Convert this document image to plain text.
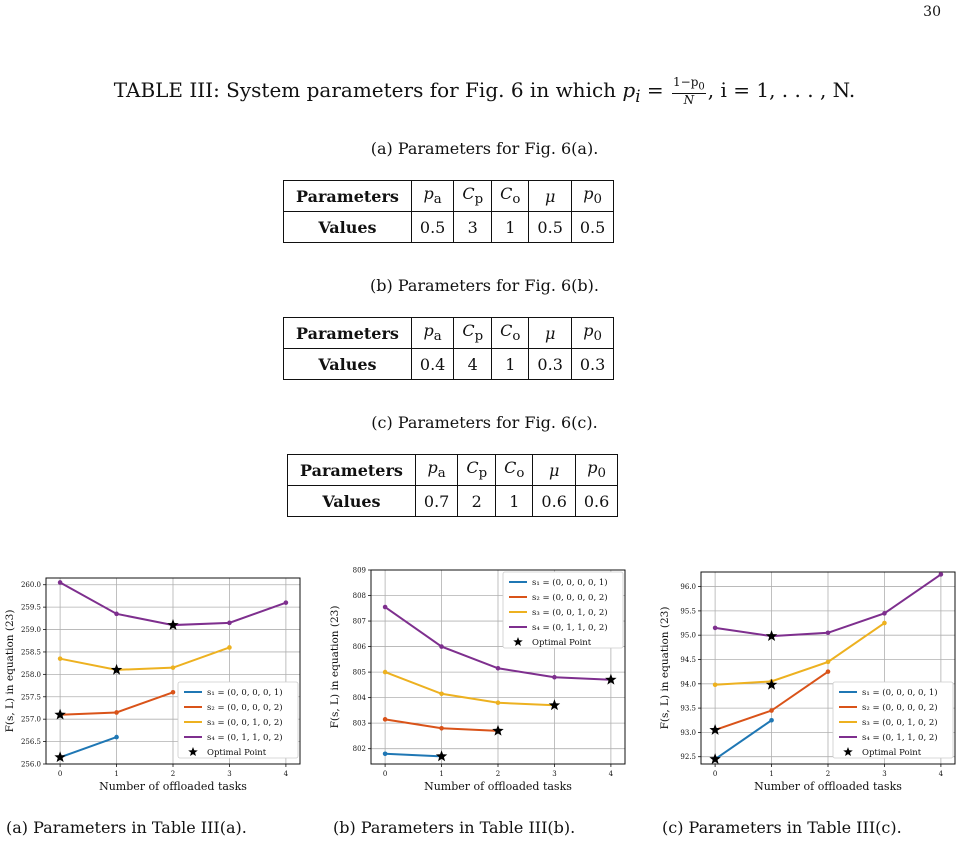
30
TABLE III: System parameters for Fig. 6 in which $p_i = \frac{1-p_0}{N}$ , i = 1, . . . , N.
(a) Parameters for Fig. 6(a).
Parameters	$p_a$	$C_p$	$C_o$	μ	$p_0$
Values	0.5	3	1	0.5	0.5
(b) Parameters for Fig. 6(b).
Parameters	$p_a$	$C_p$	$C_o$	μ	$p_0$
Values	0.4	4	1	0.3	0.3
(c) Parameters for Fig. 6(c).
Parameters	$p_a$	$C_p$	$C_o$	μ	$p_0$
Values	0.7	2	1	0.6	0.6
0	1	2	3	4
256.0
256.5
257.0
257.5
258.0
258.5
259.0
259.5
260.0
Number of offloaded tasks
F(s, L) in equation (23)	s₁ = (0, 0, 0, 0, 1)
s₂ = (0, 0, 0, 0, 2)
s₃ = (0, 0, 1, 0, 2)
s₄ = (0, 1, 1, 0, 2)
Optimal Point
0	1	2	3	4
802
803
804
805
806
807
808
809
Number of offloaded tasks
F(s, L) in equation (23)
s₁ = (0, 0, 0, 0, 1)
s₂ = (0, 0, 0, 0, 2)
s₃ = (0, 0, 1, 0, 2)
s₄ = (0, 1, 1, 0, 2)
Optimal Point
0	1	2	3	4
92.5
93.0
93.5
94.0
94.5
95.0
95.5
96.0
Number of offloaded tasks
F(s, L) in equation (23)	s₁ = (0, 0, 0, 0, 1)
s₂ = (0, 0, 0, 0, 2)
s₃ = (0, 0, 1, 0, 2)
s₄ = (0, 1, 1, 0, 2)
Optimal Point
(a) Parameters in Table III(a).	(b) Parameters in Table III(b).	(c) Parameters in Table III(c).
